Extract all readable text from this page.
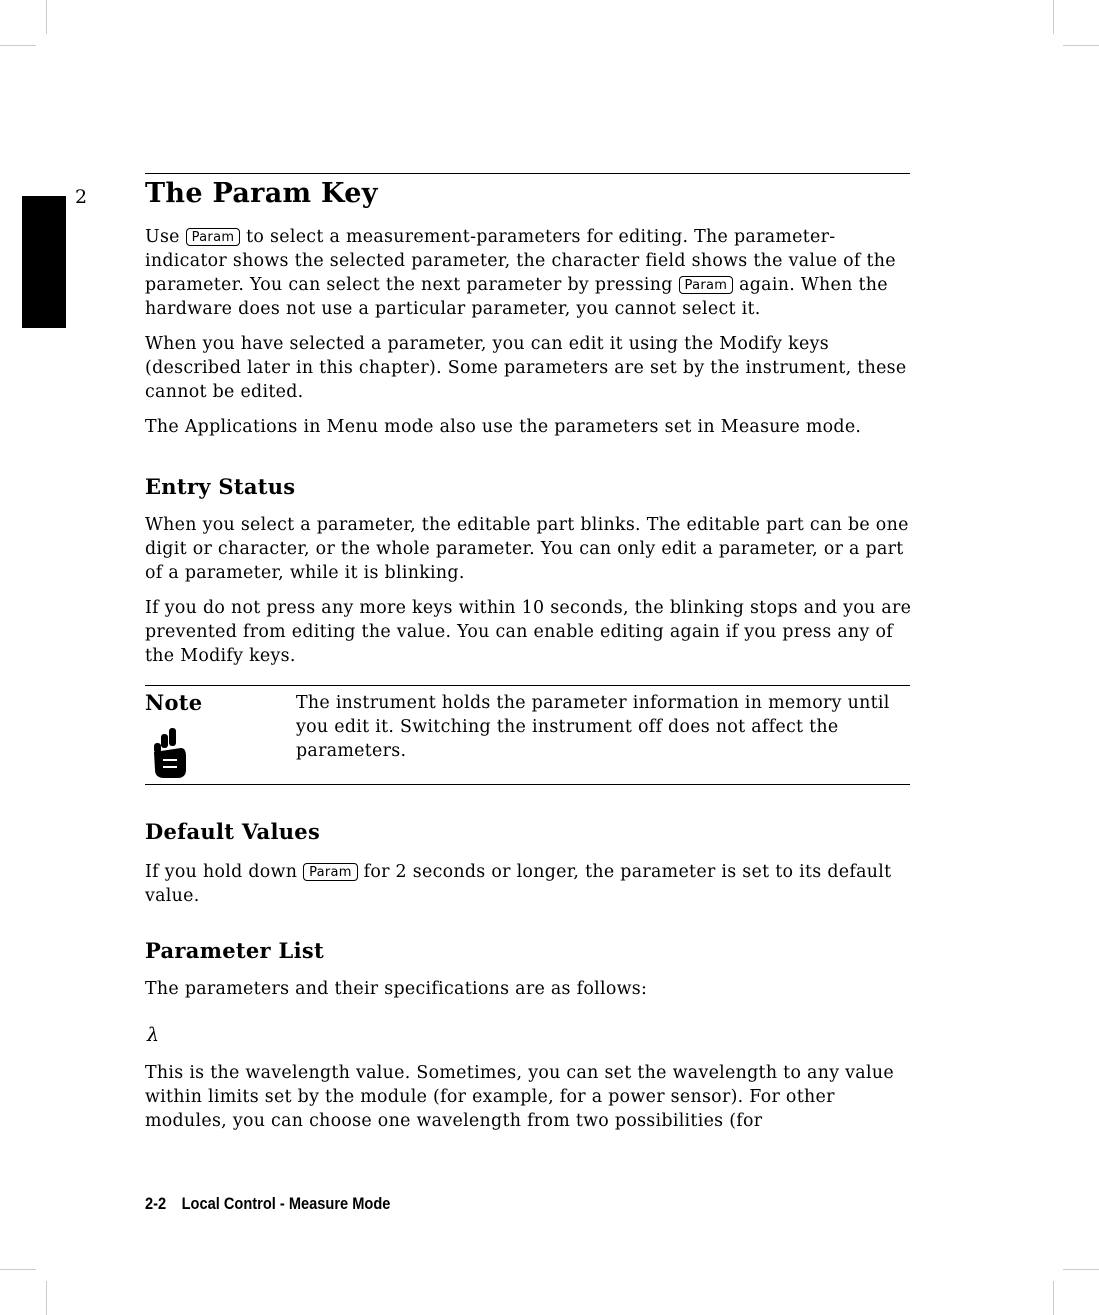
2 The Param Key
Use Param to select a measurement-parameters for editing. The parameter-indicator shows the selected parameter, the character field shows the value of the parameter. You can select the next parameter by pressing Param again. When the hardware does not use a particular parameter, you cannot select it.
When you have selected a parameter, you can edit it using the Modify keys (described later in this chapter). Some parameters are set by the instrument, these cannot be edited.
The Applications in Menu mode also use the parameters set in Measure mode.
Entry Status
When you select a parameter, the editable part blinks. The editable part can be one digit or character, or the whole parameter. You can only edit a parameter, or a part of a parameter, while it is blinking.
If you do not press any more keys within 10 seconds, the blinking stops and you are prevented from editing the value. You can enable editing again if you press any of the Modify keys.
Note	The instrument holds the parameter information in memory until you edit it. Switching the instrument off does not affect the parameters.
Default Values
If you hold down Param for 2 seconds or longer, the parameter is set to its default value.
Parameter List
The parameters and their specifications are as follows:
λ
This is the wavelength value. Sometimes, you can set the wavelength to any value within limits set by the module (for example, for a power sensor). For other modules, you can choose one wavelength from two possibilities (for
2-2 Local Control - Measure Mode
